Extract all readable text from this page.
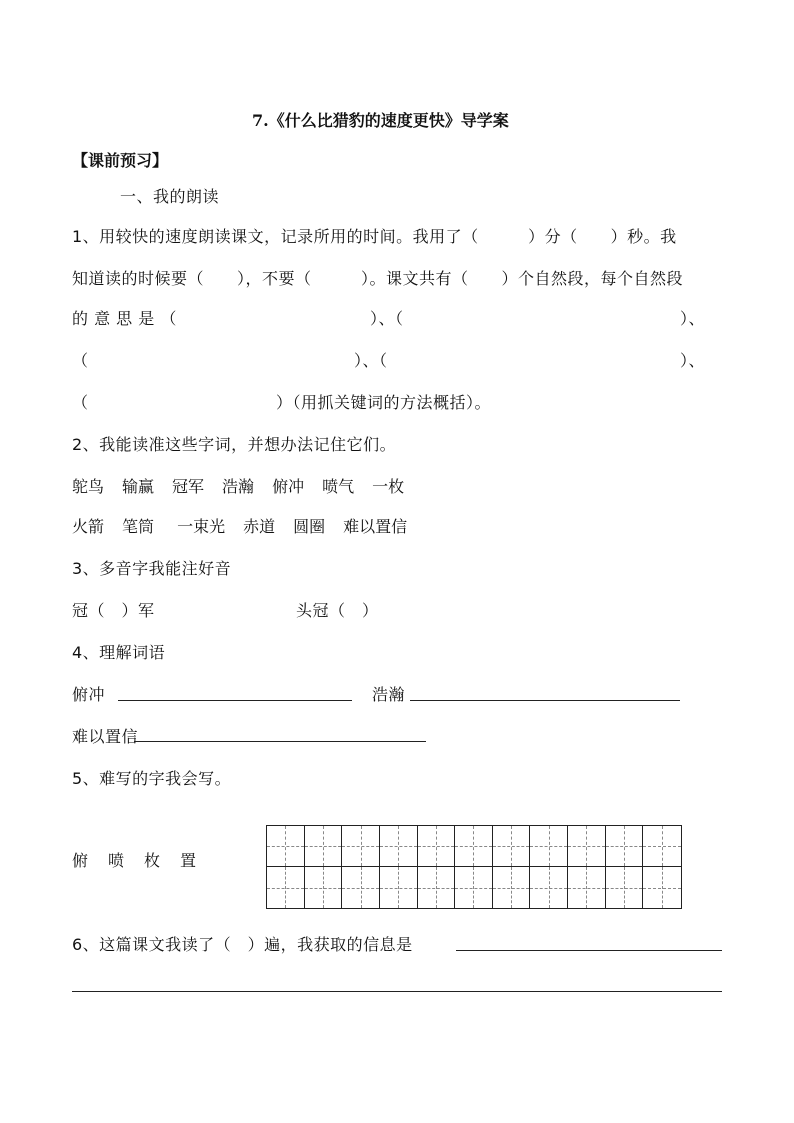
7.《什么比猎豹的速度更快》导学案
【课前预习】
一、我的朗读
1、用较快的速度朗读课文，记录所用的时间。我用了（　　　）分（　　）秒。我
知道读的时候要（　　），不要（　　　）。课文共有（　　）个自然段，每个自然段
的 意 思 是 （	）、（	）、
（	）、（	）、
（	）（用抓关键词的方法概括）。
2、我能读准这些字词，并想办法记住它们。
鸵鸟 输赢 冠军 浩瀚 俯冲 喷气 一枚
火箭 笔筒 一束光 赤道 圆圈 难以置信
3、多音字我能注好音
冠（　）军	头冠（　）
4、理解词语
俯冲	浩瀚
难以置信
5、难写的字我会写。
俯　喷　枚　置
6、这篇课文我读了（　）遍，我获取的信息是
